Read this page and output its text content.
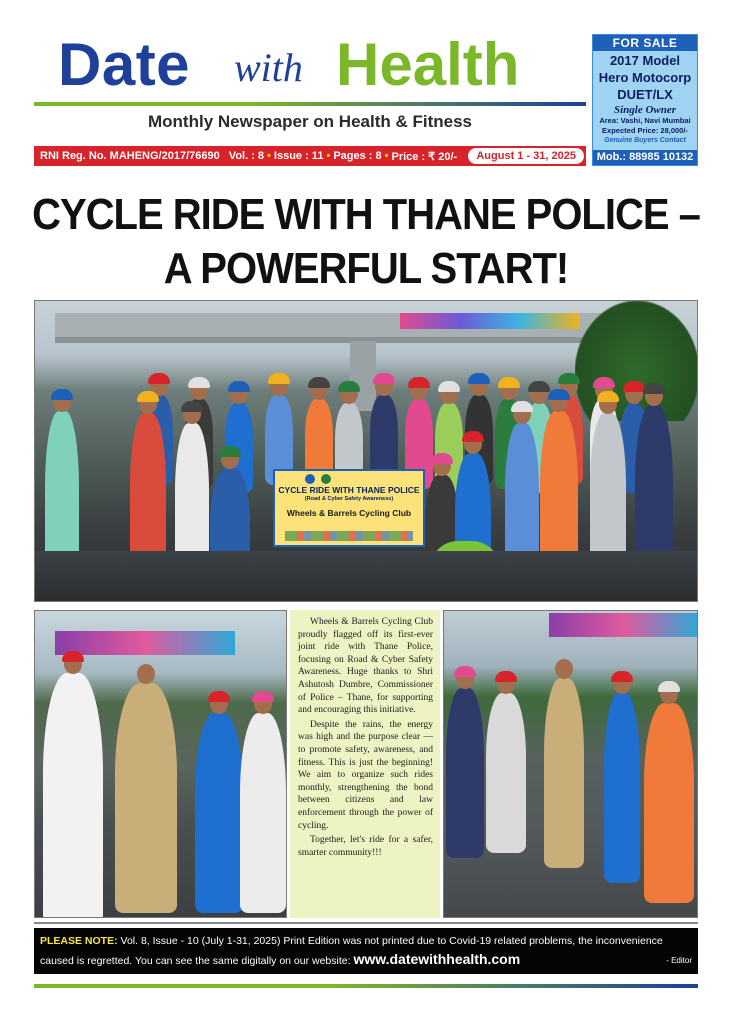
Date with Health
Monthly Newspaper on Health & Fitness
RNI Reg. No. MAHENG/2017/76690
Vol. : 8 • Issue : 11 • Pages : 8 • Price : ₹ 20/-	August 1 - 31, 2025
FOR SALE
2017 Model
Hero Motocorp
DUET/LX
Single Owner
Area: Vashi, Navi Mumbai
Expected Price: 28,000/-
Genuine Buyers Contact
Mob.: 88985 10132
CYCLE RIDE WITH THANE POLICE –
A POWERFUL START!
CYCLE RIDE WITH THANE POLICE
(Road & Cyber Safety Awareness)
Wheels & Barrels Cycling Club

Wheels & Barrels Cycling Club proudly flagged off its first-ever joint ride with Thane Police, focusing on Road & Cyber Safety Awareness. Huge thanks to Shri Ashutosh Dumbre, Commissioner of Police – Thane, for supporting and encouraging this initiative.

Despite the rains, the energy was high and the purpose clear — to promote safety, awareness, and fitness. This is just the beginning! We aim to organize such rides monthly, strengthening the bond between citizens and law enforcement through the power of cycling.

Together, let's ride for a safer, smarter community!!!

PLEASE NOTE: Vol. 8, Issue - 10 (July 1-31, 2025) Print Edition was not printed due to Covid-19 related problems, the inconvenience caused is regretted. You can see the same digitally on our website: www.datewithhealth.com	- Editor
